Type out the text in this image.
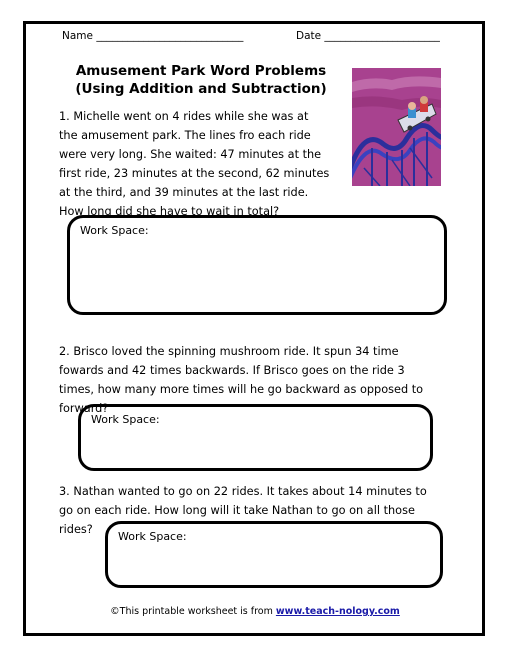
Name ____________________________	Date ______________________
Amusement Park Word Problems
(Using Addition and Subtraction)
1. Michelle went on 4 rides while she was at
the amusement park. The lines fro each ride
were very long. She waited: 47 minutes at the
first ride, 23 minutes at the second, 62 minutes
at the third, and 39 minutes at the last ride.
How long did she have to wait in total?
Work Space:
2. Brisco loved the spinning mushroom ride. It spun 34 time
fowards and 42 times backwards. If Brisco goes on the ride 3
times, how many more times will he go backward as opposed to
forward?
Work Space:
3. Nathan wanted to go on 22 rides. It takes about 14 minutes to
go on each ride. How long will it take Nathan to go on all those
rides?
Work Space:
©This printable worksheet is from www.teach-nology.com
